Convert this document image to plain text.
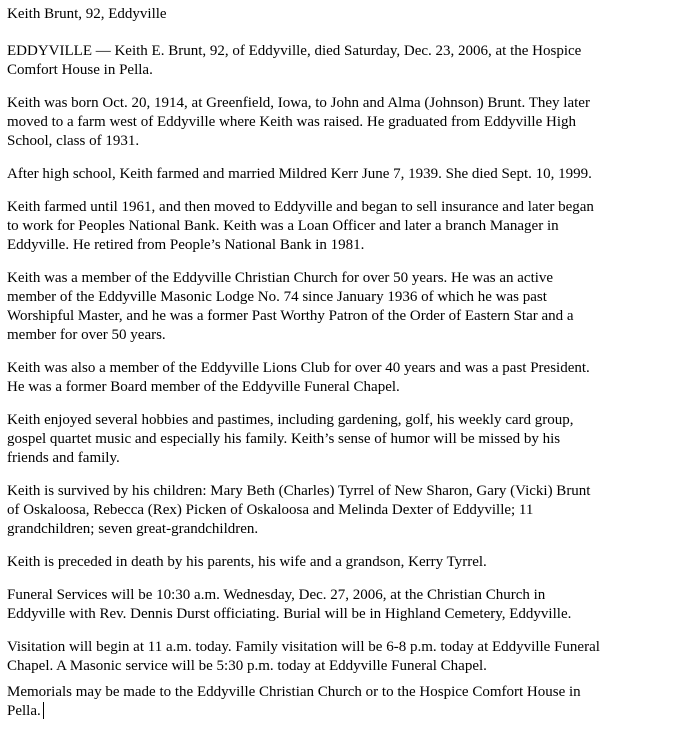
Keith Brunt, 92, Eddyville
EDDYVILLE — Keith E. Brunt, 92, of Eddyville, died Saturday, Dec. 23, 2006, at the Hospice
Comfort House in Pella.
Keith was born Oct. 20, 1914, at Greenfield, Iowa, to John and Alma (Johnson) Brunt. They later
moved to a farm west of Eddyville where Keith was raised. He graduated from Eddyville High
School, class of 1931.
After high school, Keith farmed and married Mildred Kerr June 7, 1939. She died Sept. 10, 1999.
Keith farmed until 1961, and then moved to Eddyville and began to sell insurance and later began
to work for Peoples National Bank. Keith was a Loan Officer and later a branch Manager in
Eddyville. He retired from People’s National Bank in 1981.
Keith was a member of the Eddyville Christian Church for over 50 years. He was an active
member of the Eddyville Masonic Lodge No. 74 since January 1936 of which he was past
Worshipful Master, and he was a former Past Worthy Patron of the Order of Eastern Star and a
member for over 50 years.
Keith was also a member of the Eddyville Lions Club for over 40 years and was a past President.
He was a former Board member of the Eddyville Funeral Chapel.
Keith enjoyed several hobbies and pastimes, including gardening, golf, his weekly card group,
gospel quartet music and especially his family. Keith’s sense of humor will be missed by his
friends and family.
Keith is survived by his children: Mary Beth (Charles) Tyrrel of New Sharon, Gary (Vicki) Brunt
of Oskaloosa, Rebecca (Rex) Picken of Oskaloosa and Melinda Dexter of Eddyville; 11
grandchildren; seven great-grandchildren.
Keith is preceded in death by his parents, his wife and a grandson, Kerry Tyrrel.
Funeral Services will be 10:30 a.m. Wednesday, Dec. 27, 2006, at the Christian Church in
Eddyville with Rev. Dennis Durst officiating. Burial will be in Highland Cemetery, Eddyville.
Visitation will begin at 11 a.m. today. Family visitation will be 6-8 p.m. today at Eddyville Funeral
Chapel. A Masonic service will be 5:30 p.m. today at Eddyville Funeral Chapel.
Memorials may be made to the Eddyville Christian Church or to the Hospice Comfort House in
Pella.
